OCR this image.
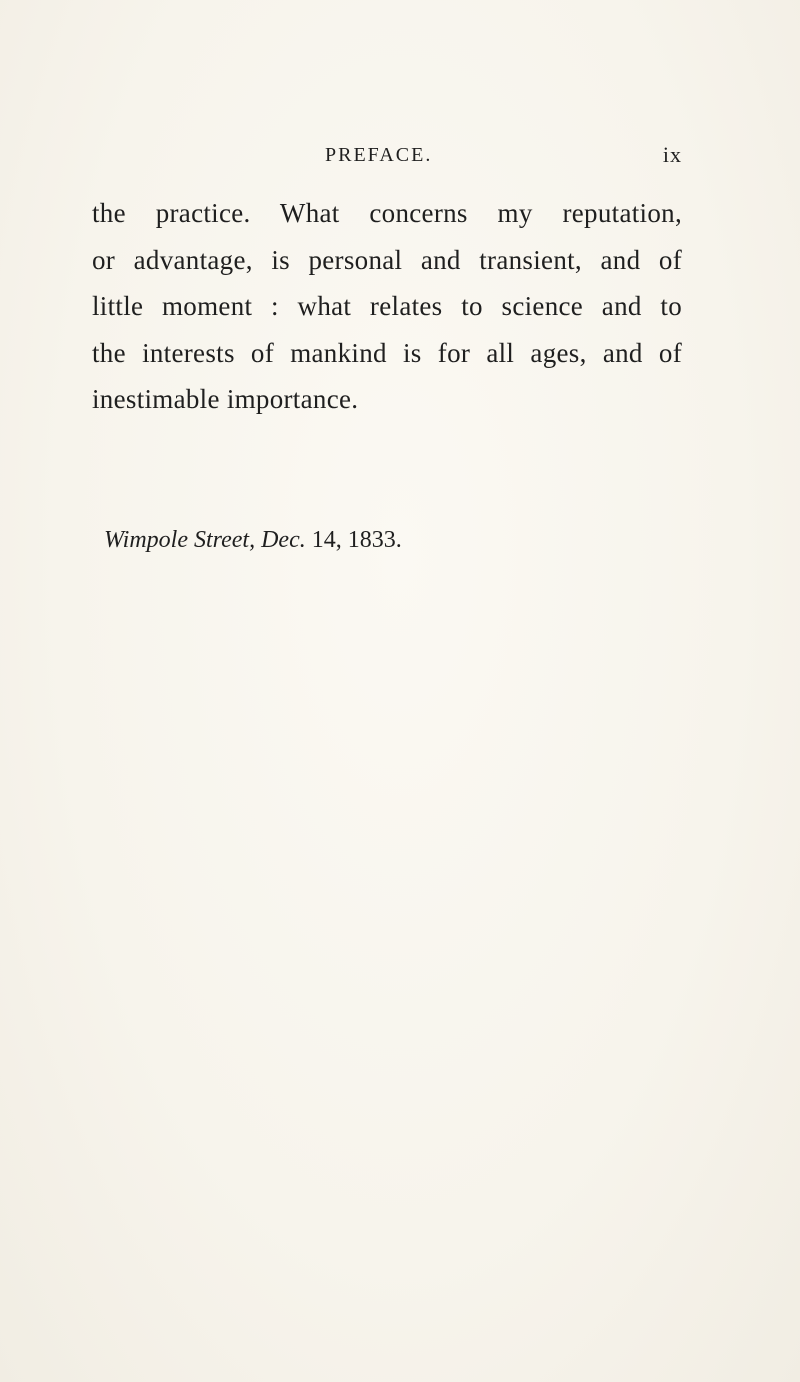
PREFACE.	ix
the practice. What concerns my reputation,
or advantage, is personal and transient, and of
little moment : what relates to science and to
the interests of mankind is for all ages, and of
inestimable importance.
Wimpole Street, Dec. 14, 1833.
